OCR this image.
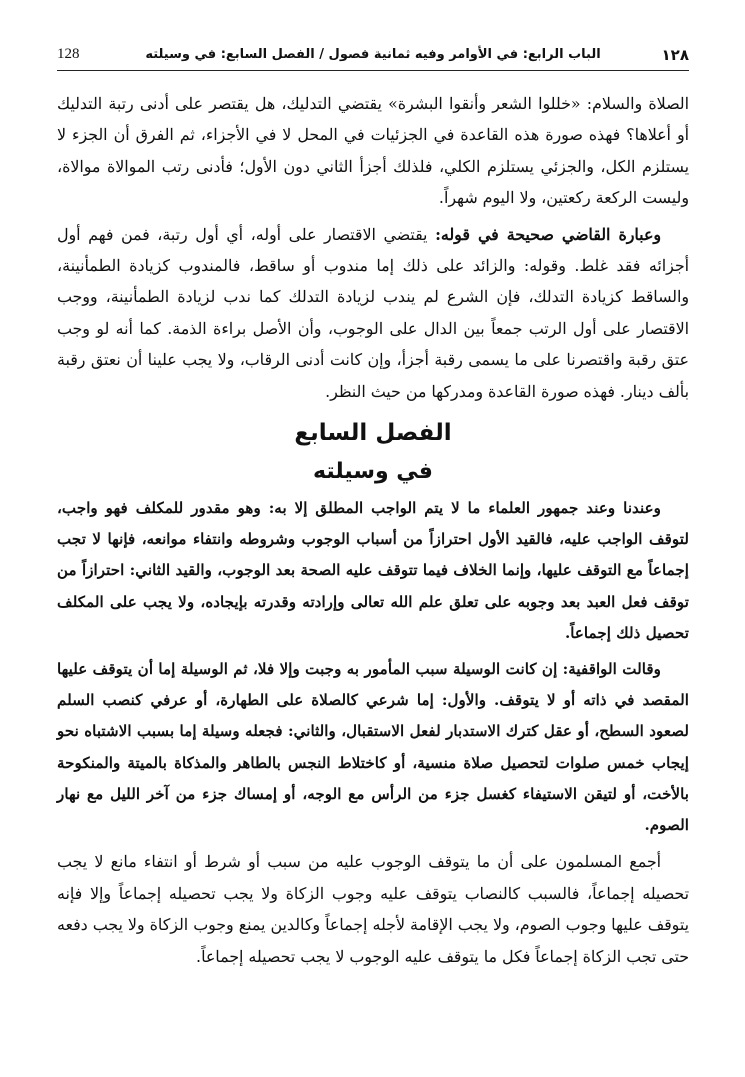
١٢٨
الباب الرابع: في الأوامر وفيه ثمانية فصول / الفصل السابع: في وسيلته
128

الصلاة والسلام: «خللوا الشعر وأنقوا البشرة» يقتضي التدليك، هل يقتصر على أدنى رتبة التدليك أو أعلاها؟ فهذه صورة هذه القاعدة في الجزئيات في المحل لا في الأجزاء، ثم الفرق أن الجزء لا يستلزم الكل، والجزئي يستلزم الكلي، فلذلك أجزأ الثاني دون الأول؛ فأدنى رتب الموالاة موالاة، وليست الركعة ركعتين، ولا اليوم شهراً.

وعبارة القاضي صحيحة في قوله: يقتضي الاقتصار على أوله، أي أول رتبة، فمن فهم أول أجزائه فقد غلط. وقوله: والزائد على ذلك إما مندوب أو ساقط، فالمندوب كزيادة الطمأنينة، والساقط كزيادة التدلك، فإن الشرع لم يندب لزيادة التدلك كما ندب لزيادة الطمأنينة، ووجب الاقتصار على أول الرتب جمعاً بين الدال على الوجوب، وأن الأصل براءة الذمة. كما أنه لو وجب عتق رقبة واقتصرنا على ما يسمى رقبة أجزأ، وإن كانت أدنى الرقاب، ولا يجب علينا أن نعتق رقبة بألف دينار. فهذه صورة القاعدة ومدركها من حيث النظر.

الفصل السابع
في وسيلته

وعندنا وعند جمهور العلماء ما لا يتم الواجب المطلق إلا به: وهو مقدور للمكلف فهو واجب، لتوقف الواجب عليه، فالقيد الأول احترازاً من أسباب الوجوب وشروطه وانتفاء موانعه، فإنها لا تجب إجماعاً مع التوقف عليها، وإنما الخلاف فيما تتوقف عليه الصحة بعد الوجوب، والقيد الثاني: احترازاً من توقف فعل العبد بعد وجوبه على تعلق علم الله تعالى وإرادته وقدرته بإيجاده، ولا يجب على المكلف تحصيل ذلك إجماعاً.

وقالت الواقفية: إن كانت الوسيلة سبب المأمور به وجبت وإلا فلا، ثم الوسيلة إما أن يتوقف عليها المقصد في ذاته أو لا يتوقف. والأول: إما شرعي كالصلاة على الطهارة، أو عرفي كنصب السلم لصعود السطح، أو عقل كترك الاستدبار لفعل الاستقبال، والثاني: فجعله وسيلة إما بسبب الاشتباه نحو إيجاب خمس صلوات لتحصيل صلاة منسية، أو كاختلاط النجس بالطاهر والمذكاة بالميتة والمنكوحة بالأخت، أو لتيقن الاستيفاء كغسل جزء من الرأس مع الوجه، أو إمساك جزء من آخر الليل مع نهار الصوم.

أجمع المسلمون على أن ما يتوقف الوجوب عليه من سبب أو شرط أو انتفاء مانع لا يجب تحصيله إجماعاً، فالسبب كالنصاب يتوقف عليه وجوب الزكاة ولا يجب تحصيله إجماعاً وإلا فإنه يتوقف عليها وجوب الصوم، ولا يجب الإقامة لأجله إجماعاً وكالدين يمنع وجوب الزكاة ولا يجب دفعه حتى تجب الزكاة إجماعاً فكل ما يتوقف عليه الوجوب لا يجب تحصيله إجماعاً.
